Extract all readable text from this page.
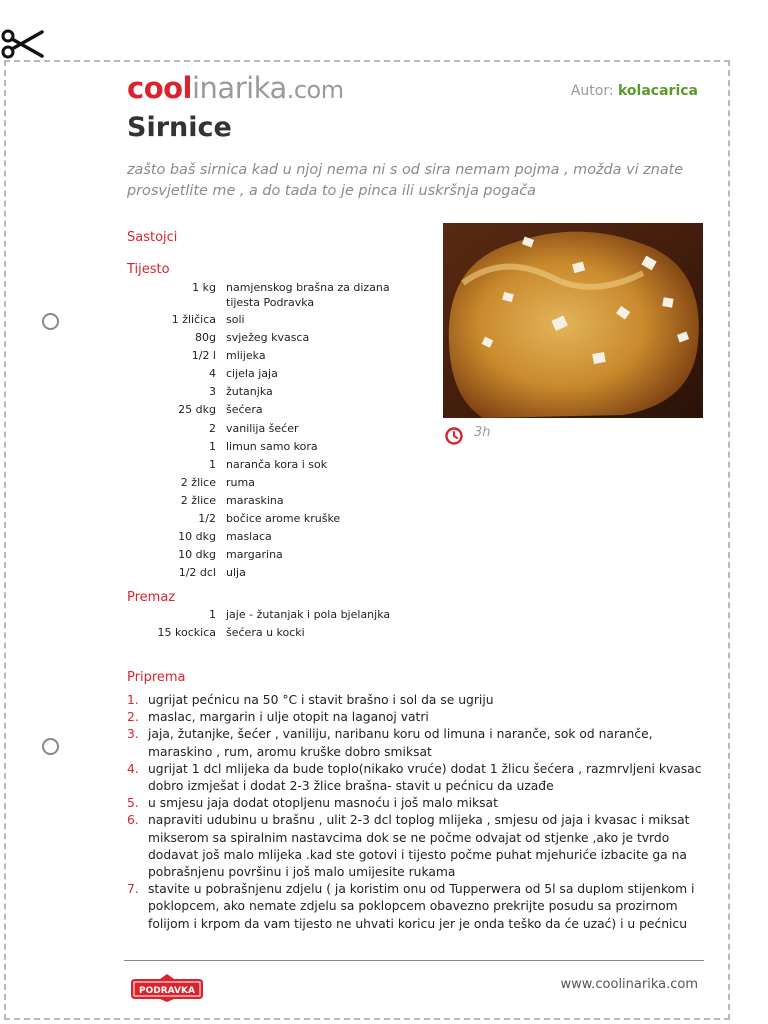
coolinarika.com	Autor: kolacarica
Sirnice
zašto baš sirnica kad u njoj nema ni s od sira nemam pojma , možda vi znate prosvjetlite me , a do tada to je pinca ili uskršnja pogača
Sastojci
Tijesto
1 kg namjenskog brašna za dizana tijesta Podravka
1 žličica soli
80g svježeg kvasca
1/2 l mlijeka
4 cijela jaja
3 žutanjka
25 dkg šećera
2 vanilija šećer
1 limun samo kora
1 naranča kora i sok
2 žlice ruma
2 žlice maraskina
1/2 bočice arome kruške
10 dkg maslaca
10 dkg margarina
1/2 dcl ulja
Premaz
1 jaje - žutanjak i pola bjelanjka
15 kockica šećera u kocki
3h
Priprema
1. ugrijat pećnicu na 50 °C i stavit brašno i sol da se ugriju
2. maslac, margarin i ulje otopit na laganoj vatri
3. jaja, žutanjke, šećer , vaniliju, naribanu koru od limuna i naranče, sok od naranče, maraskino , rum, aromu kruške dobro smiksat
4. ugrijat 1 dcl mlijeka da bude toplo(nikako vruće) dodat 1 žlicu šećera , razmrvljeni kvasac dobro izmješat i dodat 2-3 žlice brašna- stavit u pećnicu da uzađe
5. u smjesu jaja dodat otopljenu masnoću i još malo miksat
6. napraviti udubinu u brašnu , ulit 2-3 dcl toplog mlijeka , smjesu od jaja i kvasac i miksat mikserom sa spiralnim nastavcima dok se ne počme odvajat od stjenke ,ako je tvrdo dodavat još malo mlijeka .kad ste gotovi i tijesto počme puhat mjehuriće izbacite ga na pobrašnjenu površinu i još malo umijesite rukama
7. stavite u pobrašnjenu zdjelu ( ja koristim onu od Tupperwera od 5l sa duplom stijenkom i poklopcem, ako nemate zdjelu sa poklopcem obavezno prekrijte posudu sa prozirnom folijom i krpom da vam tijesto ne uhvati koricu jer je onda teško da će uzać) i u pećnicu
PODRAVKA	www.coolinarika.com
